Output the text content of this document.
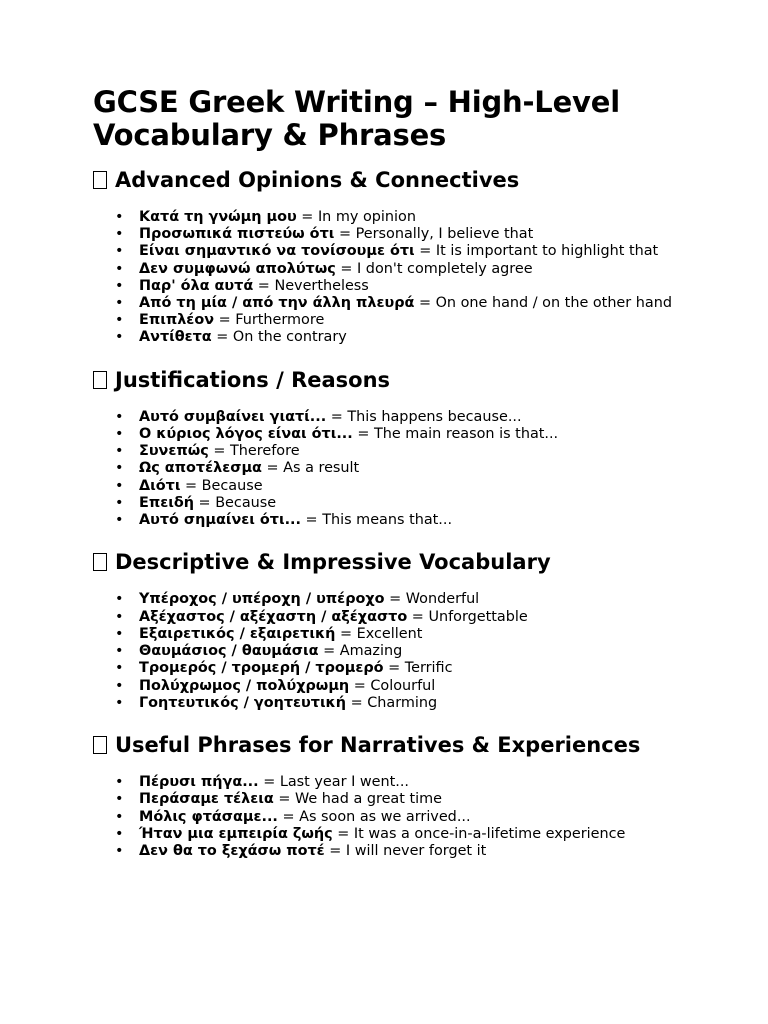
GCSE Greek Writing – High-Level Vocabulary & Phrases
Advanced Opinions & Connectives
• Κατά τη γνώμη μου = In my opinion
• Προσωπικά πιστεύω ότι = Personally, I believe that
• Είναι σημαντικό να τονίσουμε ότι = It is important to highlight that
• Δεν συμφωνώ απολύτως = I don't completely agree
• Παρ' όλα αυτά = Nevertheless
• Από τη μία / από την άλλη πλευρά = On one hand / on the other hand
• Επιπλέον = Furthermore
• Αντίθετα = On the contrary
Justifications / Reasons
• Αυτό συμβαίνει γιατί... = This happens because...
• Ο κύριος λόγος είναι ότι... = The main reason is that...
• Συνεπώς = Therefore
• Ως αποτέλεσμα = As a result
• Διότι = Because
• Επειδή = Because
• Αυτό σημαίνει ότι... = This means that...
Descriptive & Impressive Vocabulary
• Υπέροχος / υπέροχη / υπέροχο = Wonderful
• Αξέχαστος / αξέχαστη / αξέχαστο = Unforgettable
• Εξαιρετικός / εξαιρετική = Excellent
• Θαυμάσιος / θαυμάσια = Amazing
• Τρομερός / τρομερή / τρομερό = Terrific
• Πολύχρωμος / πολύχρωμη = Colourful
• Γοητευτικός / γοητευτική = Charming
Useful Phrases for Narratives & Experiences
• Πέρυσι πήγα... = Last year I went...
• Περάσαμε τέλεια = We had a great time
• Μόλις φτάσαμε... = As soon as we arrived...
• Ήταν μια εμπειρία ζωής = It was a once-in-a-lifetime experience
• Δεν θα το ξεχάσω ποτέ = I will never forget it
